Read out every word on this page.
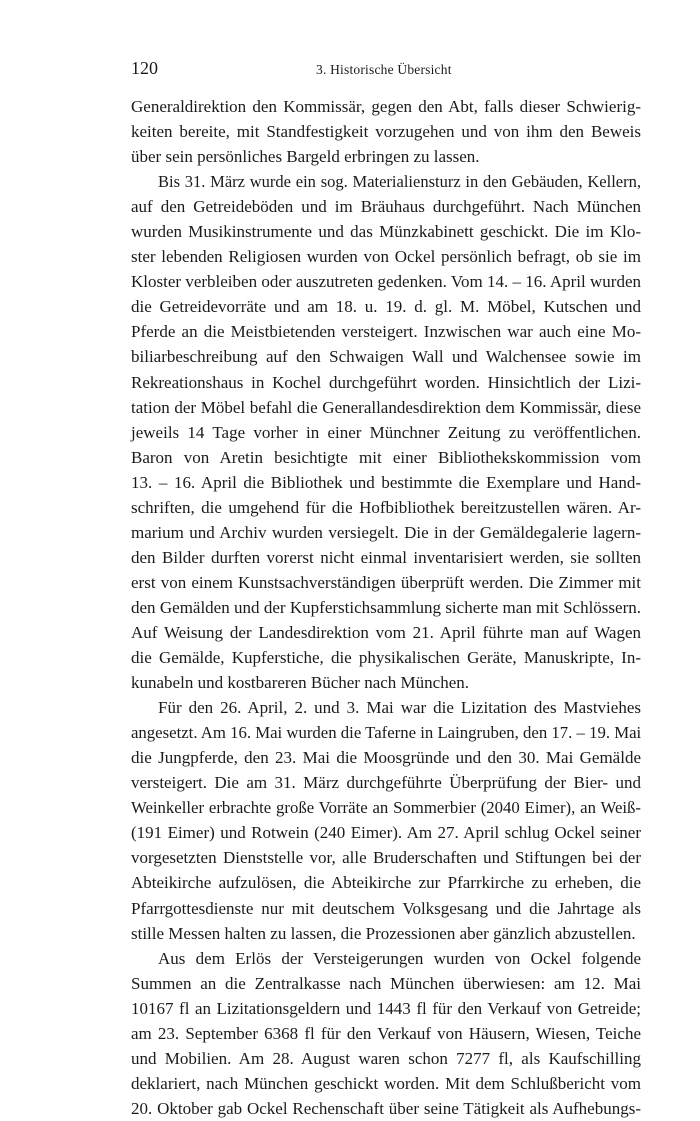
120	3. Historische Übersicht
Generaldirektion den Kommissär, gegen den Abt, falls dieser Schwierig-
keiten bereite, mit Standfestigkeit vorzugehen und von ihm den Beweis
über sein persönliches Bargeld erbringen zu lassen.
Bis 31. März wurde ein sog. Materialiensturz in den Gebäuden, Kellern,
auf den Getreideböden und im Bräuhaus durchgeführt. Nach München
wurden Musikinstrumente und das Münzkabinett geschickt. Die im Klo-
ster lebenden Religiosen wurden von Ockel persönlich befragt, ob sie im
Kloster verbleiben oder auszutreten gedenken. Vom 14. – 16. April wurden
die Getreidevorräte und am 18. u. 19. d. gl. M. Möbel, Kutschen und
Pferde an die Meistbietenden versteigert. Inzwischen war auch eine Mo-
biliarbeschreibung auf den Schwaigen Wall und Walchensee sowie im
Rekreationshaus in Kochel durchgeführt worden. Hinsichtlich der Lizi-
tation der Möbel befahl die Generallandesdirektion dem Kommissär, diese
jeweils 14 Tage vorher in einer Münchner Zeitung zu veröffentlichen.
Baron von Aretin besichtigte mit einer Bibliothekskommission vom
13. – 16. April die Bibliothek und bestimmte die Exemplare und Hand-
schriften, die umgehend für die Hofbibliothek bereitzustellen wären. Ar-
marium und Archiv wurden versiegelt. Die in der Gemäldegalerie lagern-
den Bilder durften vorerst nicht einmal inventarisiert werden, sie sollten
erst von einem Kunstsachverständigen überprüft werden. Die Zimmer mit
den Gemälden und der Kupferstichsammlung sicherte man mit Schlössern.
Auf Weisung der Landesdirektion vom 21. April führte man auf Wagen
die Gemälde, Kupferstiche, die physikalischen Geräte, Manuskripte, In-
kunabeln und kostbareren Bücher nach München.
Für den 26. April, 2. und 3. Mai war die Lizitation des Mastviehes
angesetzt. Am 16. Mai wurden die Taferne in Laingruben, den 17. – 19. Mai
die Jungpferde, den 23. Mai die Moosgründe und den 30. Mai Gemälde
versteigert. Die am 31. März durchgeführte Überprüfung der Bier- und
Weinkeller erbrachte große Vorräte an Sommerbier (2040 Eimer), an Weiß-
(191 Eimer) und Rotwein (240 Eimer). Am 27. April schlug Ockel seiner
vorgesetzten Dienststelle vor, alle Bruderschaften und Stiftungen bei der
Abteikirche aufzulösen, die Abteikirche zur Pfarrkirche zu erheben, die
Pfarrgottesdienste nur mit deutschem Volksgesang und die Jahrtage als
stille Messen halten zu lassen, die Prozessionen aber gänzlich abzustellen.
Aus dem Erlös der Versteigerungen wurden von Ockel folgende
Summen an die Zentralkasse nach München überwiesen: am 12. Mai
10167 fl an Lizitationsgeldern und 1443 fl für den Verkauf von Getreide;
am 23. September 6368 fl für den Verkauf von Häusern, Wiesen, Teiche
und Mobilien. Am 28. August waren schon 7277 fl, als Kaufschilling
deklariert, nach München geschickt worden. Mit dem Schlußbericht vom
20. Oktober gab Ockel Rechenschaft über seine Tätigkeit als Aufhebungs-
